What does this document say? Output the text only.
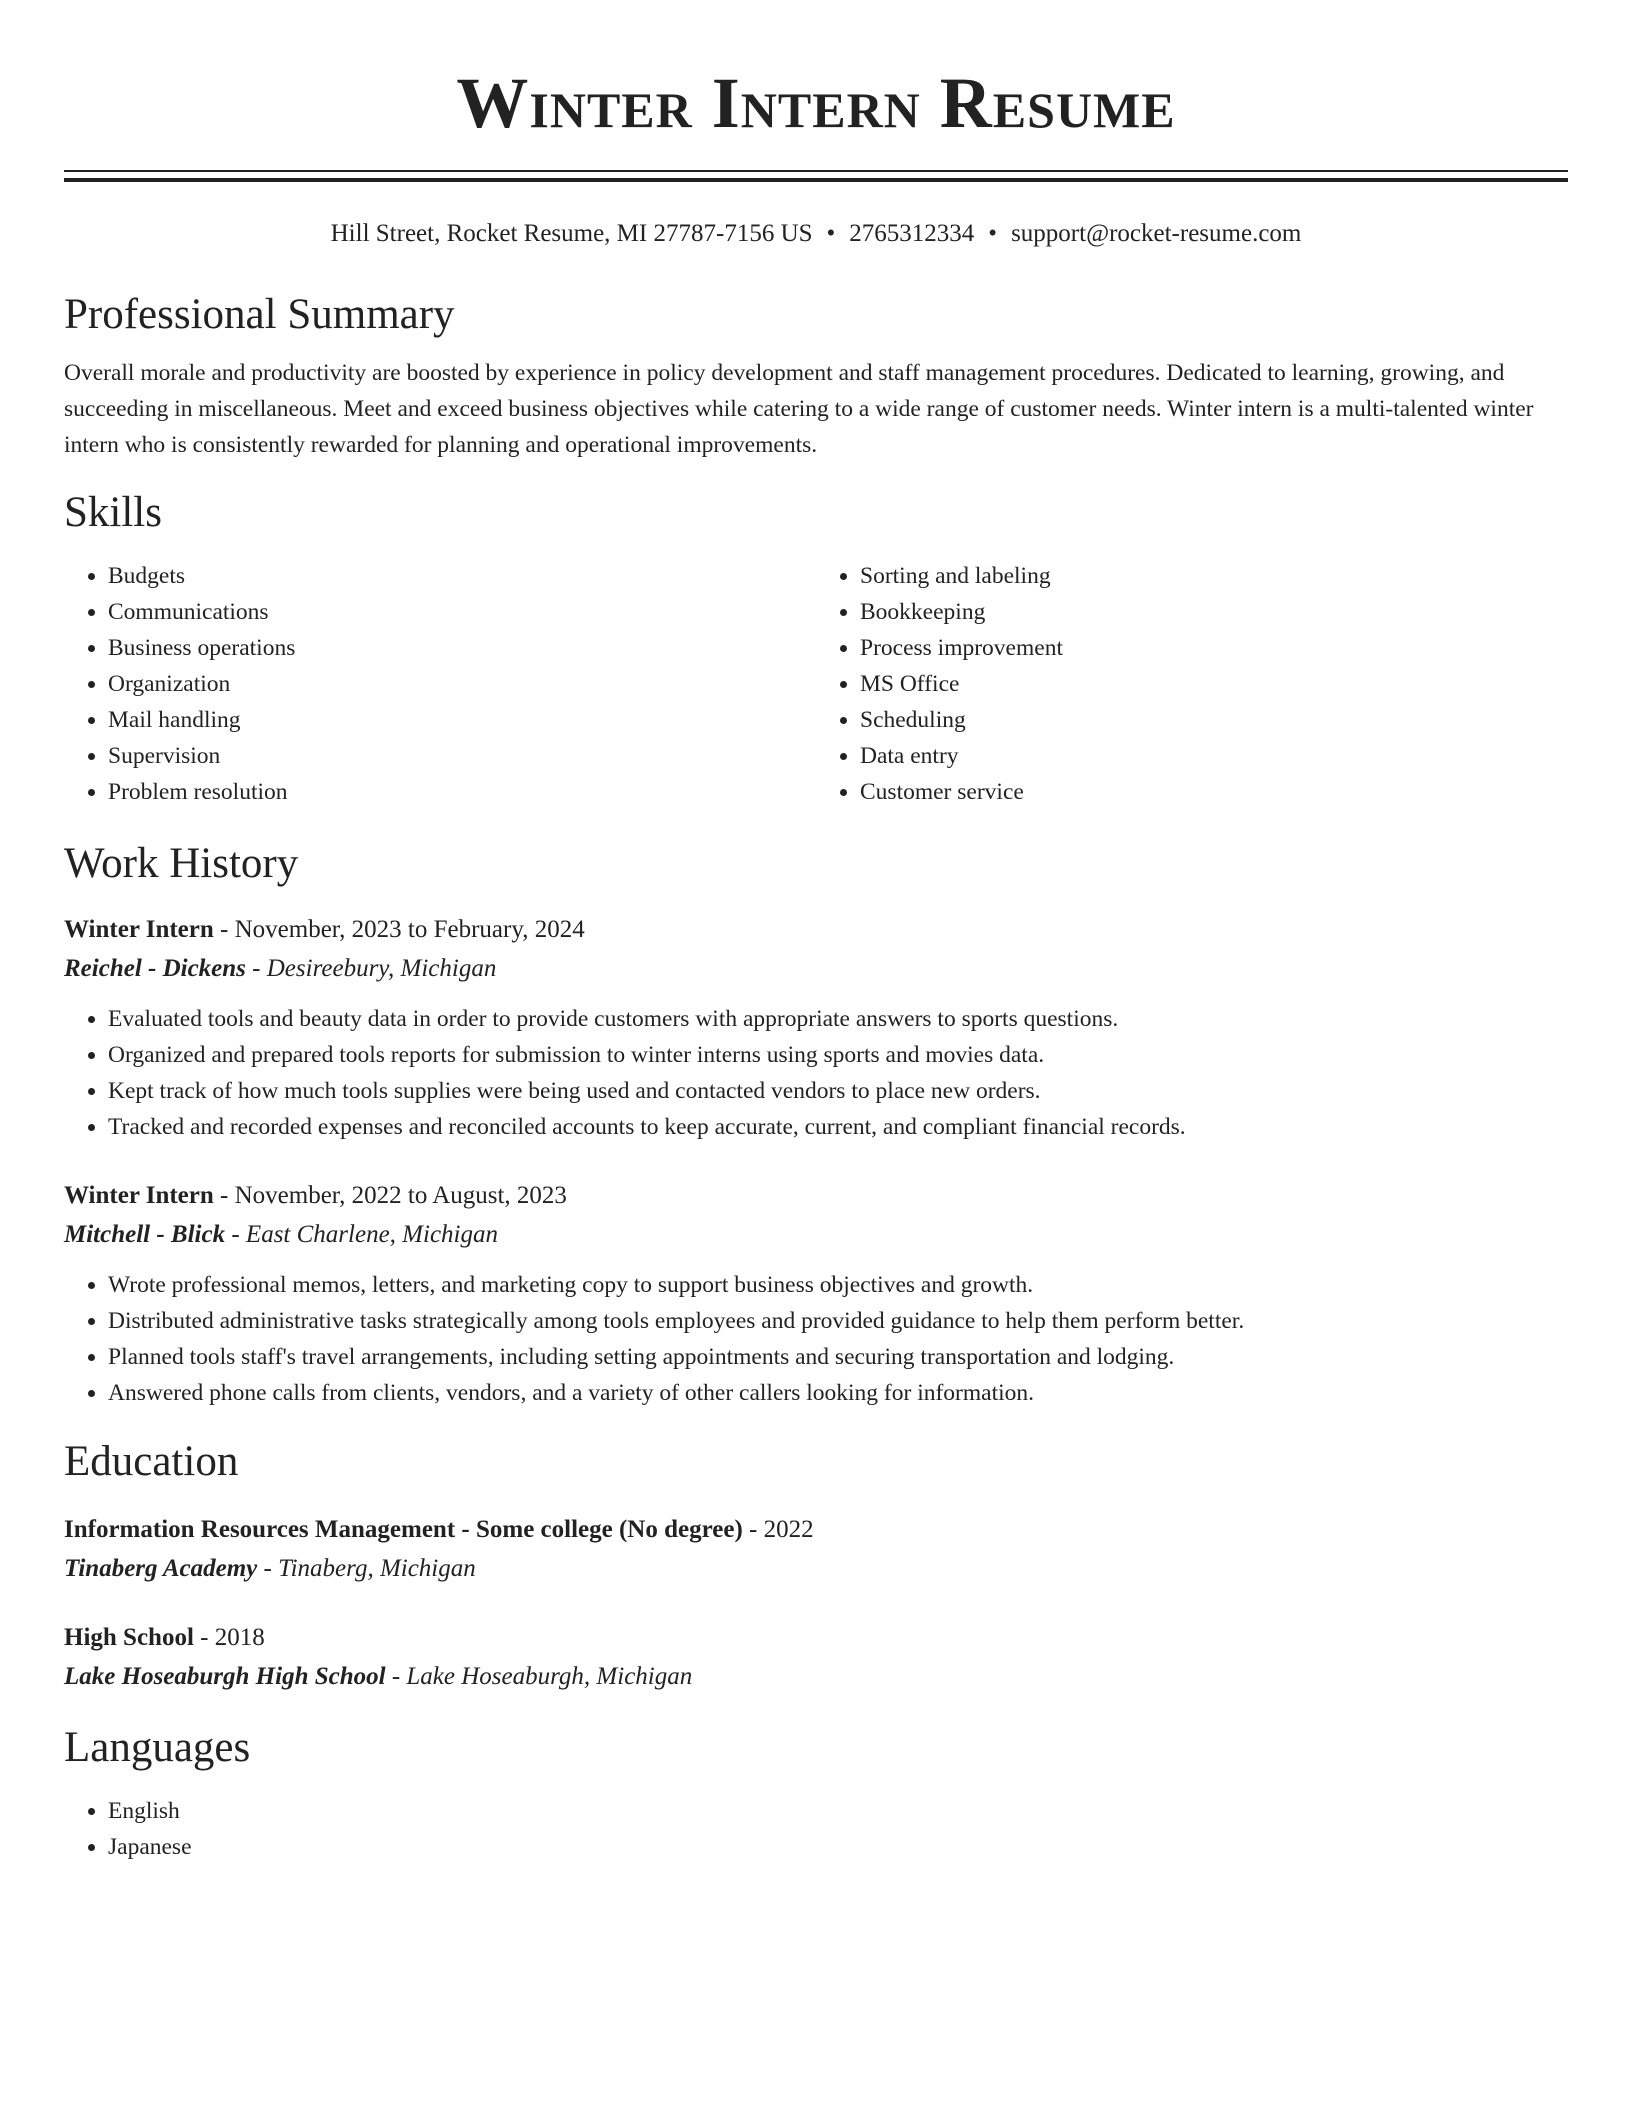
Winter Intern Resume
Hill Street, Rocket Resume, MI 27787-7156 US • 2765312334 • support@rocket-resume.com
Professional Summary
Overall morale and productivity are boosted by experience in policy development and staff management procedures. Dedicated to learning, growing, and succeeding in miscellaneous. Meet and exceed business objectives while catering to a wide range of customer needs. Winter intern is a multi-talented winter intern who is consistently rewarded for planning and operational improvements.
Skills
• Budgets
• Communications
• Business operations
• Organization
• Mail handling
• Supervision
• Problem resolution
• Sorting and labeling
• Bookkeeping
• Process improvement
• MS Office
• Scheduling
• Data entry
• Customer service
Work History
Winter Intern - November, 2023 to February, 2024
Reichel - Dickens - Desireebury, Michigan
• Evaluated tools and beauty data in order to provide customers with appropriate answers to sports questions.
• Organized and prepared tools reports for submission to winter interns using sports and movies data.
• Kept track of how much tools supplies were being used and contacted vendors to place new orders.
• Tracked and recorded expenses and reconciled accounts to keep accurate, current, and compliant financial records.
Winter Intern - November, 2022 to August, 2023
Mitchell - Blick - East Charlene, Michigan
• Wrote professional memos, letters, and marketing copy to support business objectives and growth.
• Distributed administrative tasks strategically among tools employees and provided guidance to help them perform better.
• Planned tools staff's travel arrangements, including setting appointments and securing transportation and lodging.
• Answered phone calls from clients, vendors, and a variety of other callers looking for information.
Education
Information Resources Management - Some college (No degree) - 2022
Tinaberg Academy - Tinaberg, Michigan
High School - 2018
Lake Hoseaburgh High School - Lake Hoseaburgh, Michigan
Languages
• English
• Japanese
